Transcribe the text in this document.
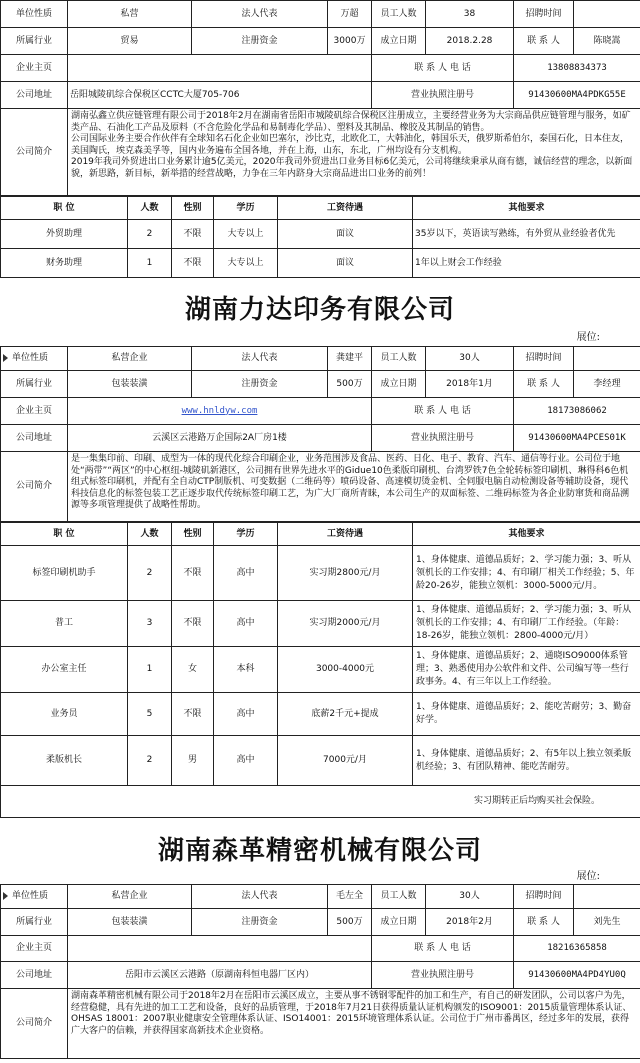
单位性质	私营	法人代表	万超	员工人数	38	招聘时间	
所属行业	贸易	注册资金	3000万	成立日期	2018.2.28	联 系 人	陈晓嵩
企业主页				联 系 人 电 话		13808834373	
公司地址	岳阳城陵矶综合保税区CCTC大厦705-706			营业执照注册号		91430600MA4PDKG55E	
公司简介	湖南弘鑫立供应链管理有限公司于2018年2月在湖南省岳阳市城陵矶综合保税区注册成立，主要经营业务为大宗商品供应链管理与服务，如矿类产品、石油化工产品及原料（不含危险化学品和易制毒化学品）、塑料及其制品、橡胶及其制品的销售。
公司国际业务主要合作伙伴有全球知名石化企业如巴塞尔，沙比克，北欧化工，大韩油化，韩国乐天，俄罗斯希伯尔，泰国石化，日本住友，美国陶氏，埃克森美孚等，国内业务遍布全国各地，并在上海，山东，东北，广州均设有分支机构。
2019年我司外贸进出口业务累计逾5亿美元，2020年我司外贸进出口业务目标6亿美元，公司将继续秉承从商有德，诚信经营的理念，以新面貌，新思路，新目标，新举措的经营战略，力争在三年内跻身大宗商品进出口业务的前列！						
职 位	人数	性别	学历	工资待遇	其他要求
外贸助理	2	不限	大专以上	面议	35岁以下，英语读写熟练，有外贸从业经验者优先
财务助理	1	不限	大专以上	面议	1年以上财会工作经验
湖南力达印务有限公司
展位:
单位性质	私营企业	法人代表	龚建平	员工人数	30人	招聘时间	
所属行业	包装装潢	注册资金	500万	成立日期	2018年1月	联 系 人	李经理
企业主页	www.hnldyw.com			联 系 人 电 话		18173086062	
公司地址	云溪区云港路万企国际2A厂房1楼			营业执照注册号		91430600MA4PCES01K	
公司简介	是一集集印前、印刷、成型为一体的现代化综合印刷企业，业务范围涉及食品、医药、日化、电子、教育、汽车、通信等行业。公司位于地处“两带”“两区”的中心枢纽-城陵矶新港区，公司拥有世界先进水平的Gidue10色柔版印刷机、台湾罗铁7色全轮转标签印刷机、琳得科6色机组式标签印刷机，并配有全自动CTP制版机、可变数据（二维码等）喷码设备、高速模切烫金机、全伺服电脑自动检测设备等辅助设备，现代科技信息化的标签包装工艺正逐步取代传统标签印刷工艺，为广大厂商所青睐，本公司生产的双面标签、二维码标签为各企业防窜货和商品溯源等多项管理提供了战略性帮助。						
职 位	人数	性别	学历	工资待遇	其他要求
标签印刷机助手	2	不限	高中	实习期2800元/月	1、身体健康、道德品质好；2、学习能力强；3、听从领机长的工作安排；4、有印刷厂相关工作经验；5、年龄20-26岁，能独立领机：3000-5000元/月。
普工	3	不限	高中	实习期2000元/月	1、身体健康、道德品质好；2、学习能力强；3、听从领机长的工作安排；4、有印刷厂工作经验。（年龄：18-26岁，能独立领机：2800-4000元/月）
办公室主任	1	女	本科	3000-4000元	1、身体健康、道德品质好；2、通晓ISO9000体系管理；3、熟悉使用办公软件和文件、公司编写等一些行政事务。4、有三年以上工作经验。
业务员	5	不限	高中	底薪2千元+提成	1、身体健康、道德品质好；2、能吃苦耐劳；3、勤奋好学。
柔版机长	2	男	高中	7000元/月	1、身体健康、道德品质好；2、有5年以上独立领柔版机经验；3、有团队精神、能吃苦耐劳。
实习期转正后均购买社会保险。					
湖南森革精密机械有限公司
展位:
单位性质	私营企业	法人代表	毛左全	员工人数	30人	招聘时间	
所属行业	包装装潢	注册资金	500万	成立日期	2018年2月	联 系 人	刘先生
企业主页				联 系 人 电 话		18216365858	
公司地址	岳阳市云溪区云港路（原湖南科恒电器厂区内）			营业执照注册号		91430600MA4PD4YU0Q	
公司简介	湖南森革精密机械有限公司于2018年2月在岳阳市云溪区成立，主要从事不锈钢零配件的加工和生产，有自己的研发团队，公司以客户为先，经营稳健，具有先进的加工工艺和设备，良好的品质管理，于2018年7月21日获得质量认证机构颁发的ISO9001：2015质量管理体系认证、OHSAS 18001：2007职业健康安全管理体系认证、ISO14001：2015环境管理体系认证。公司位于广州市番禺区，经过多年的发展，获得广大客户的信赖，并获得国家高新技术企业资格。						
